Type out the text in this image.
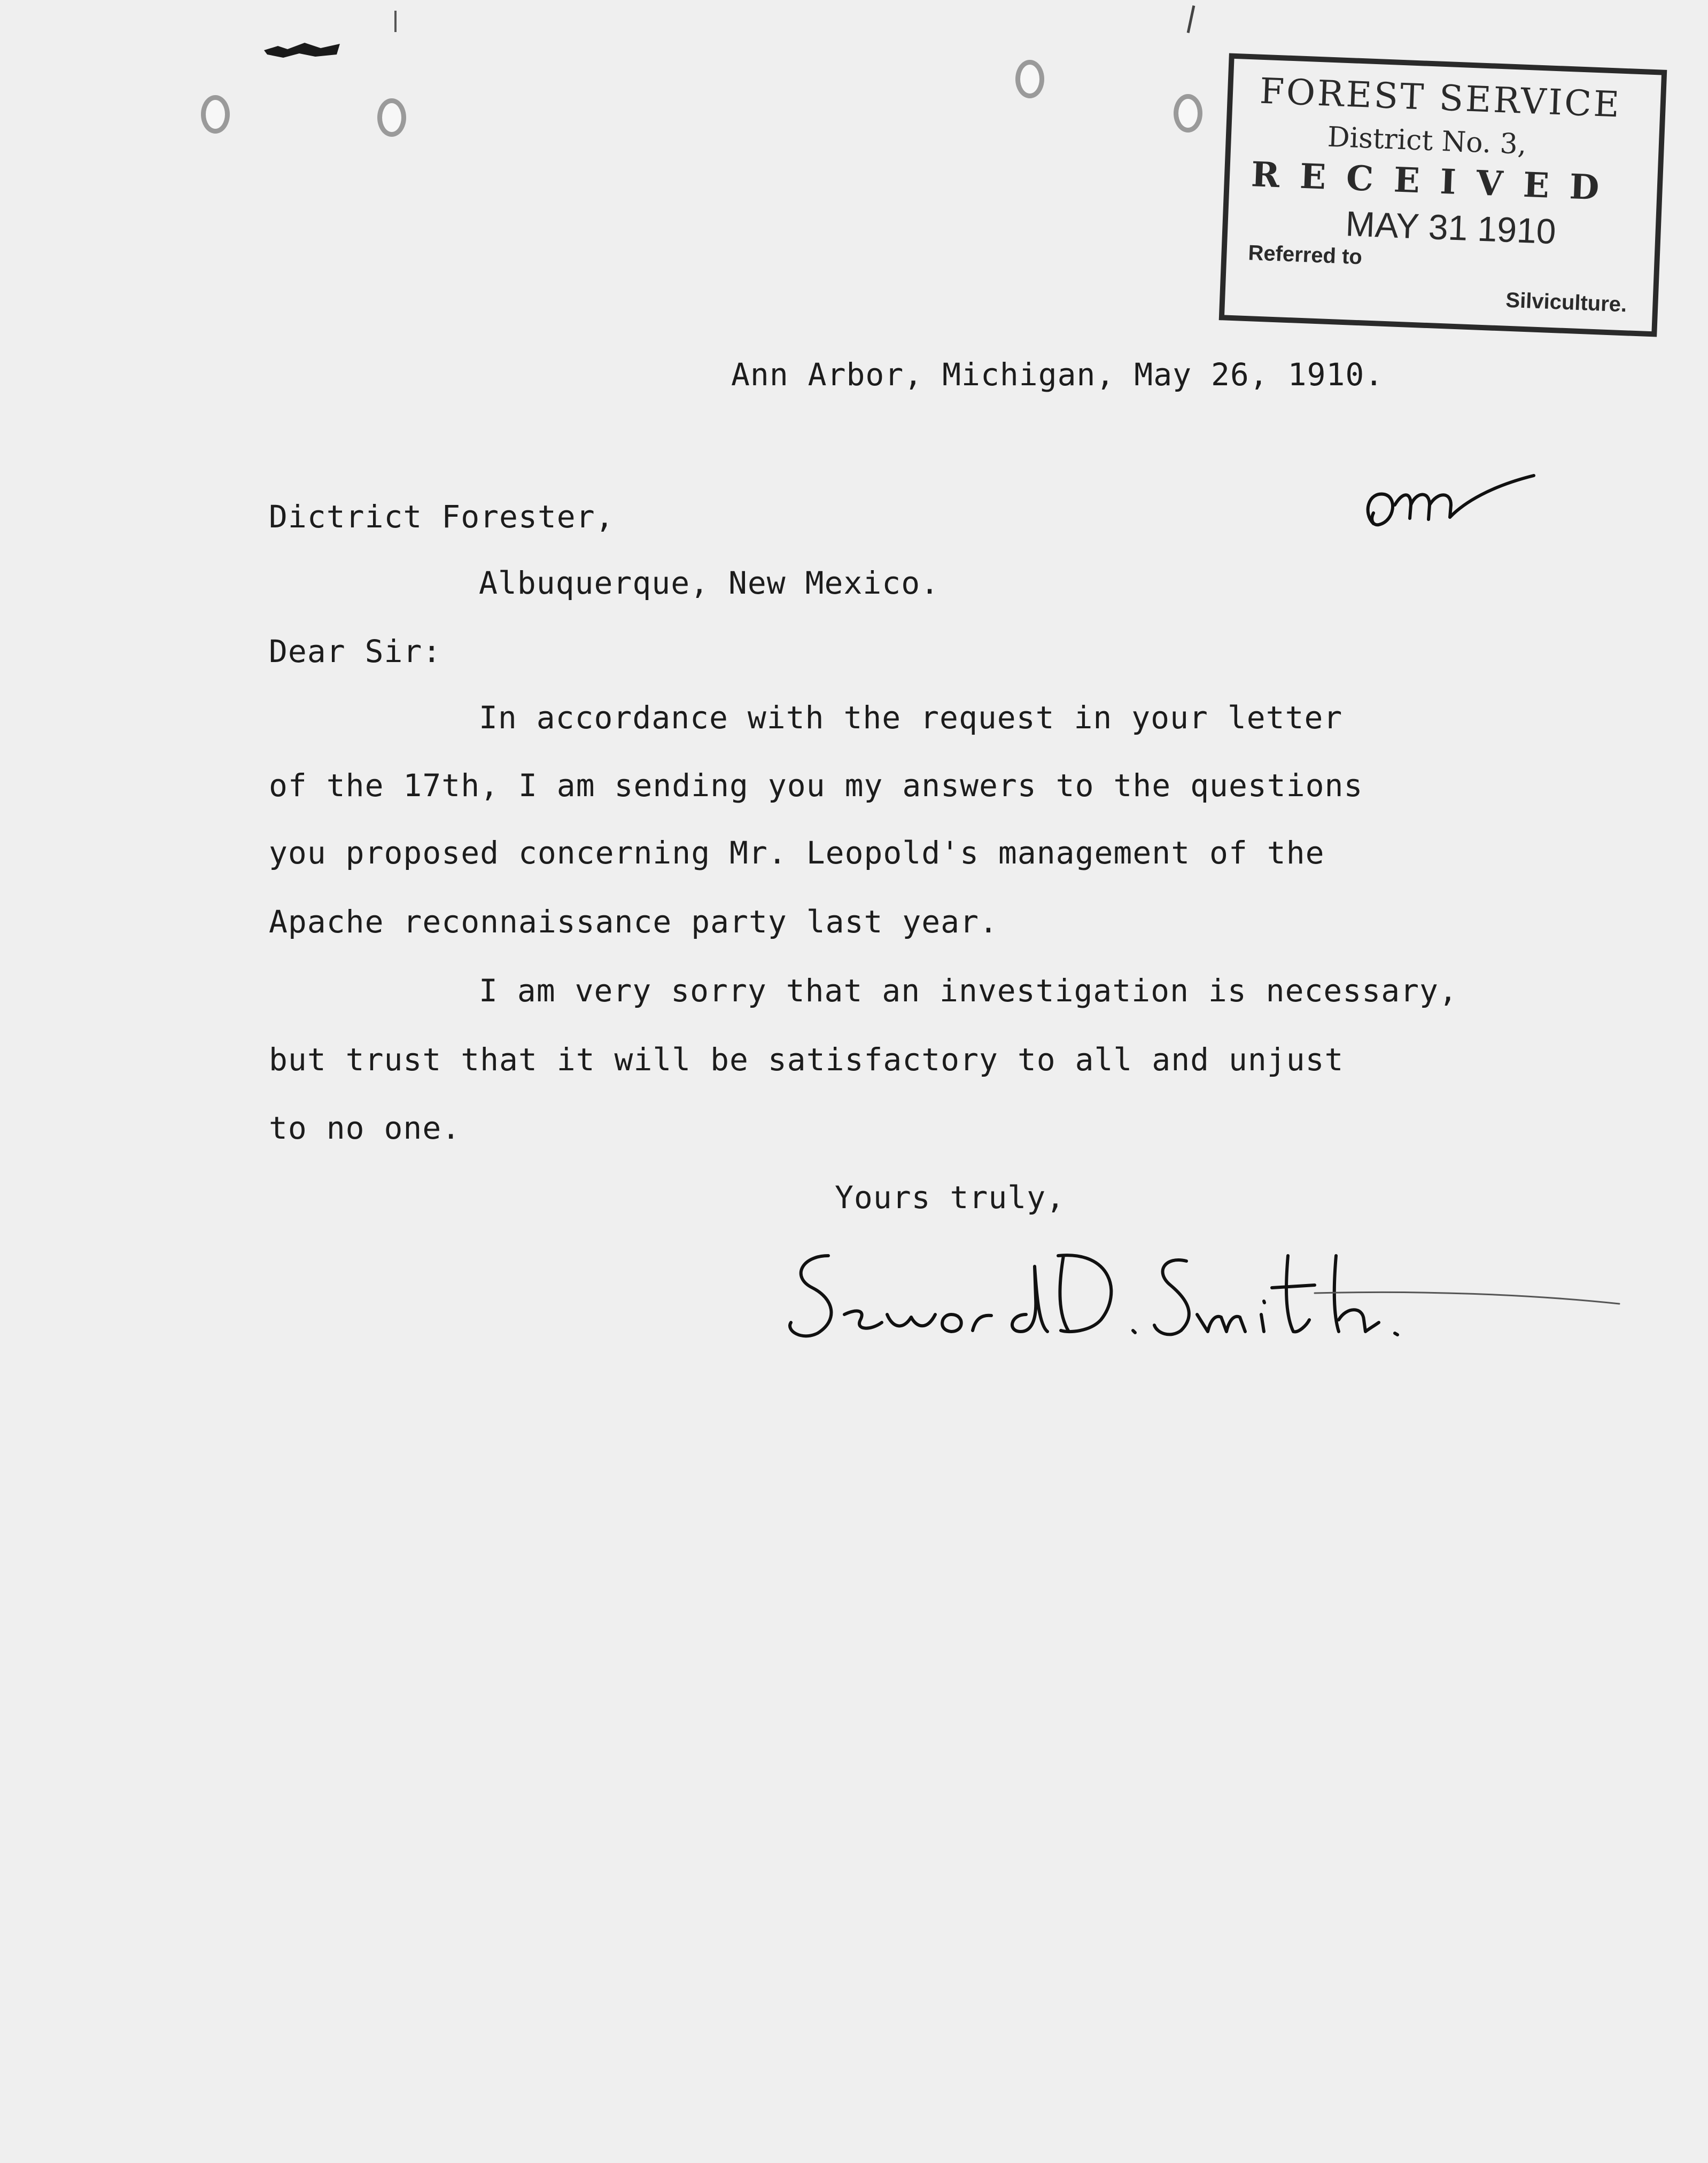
FOREST SERVICE
District No. 3,
RECEIVED
MAY 31 1910
Referred to
Silviculture.
Ann Arbor, Michigan, May 26, 1910.
Dictrict Forester,
Albuquerque, New Mexico.
Dear Sir:
In accordance with the request in your letter
of the 17th, I am sending you my answers to the questions
you proposed concerning Mr. Leopold's management of the
Apache reconnaissance party last year.
I am very sorry that an investigation is necessary,
but trust that it will be satisfactory to all and unjust
to no one.
Yours truly,
